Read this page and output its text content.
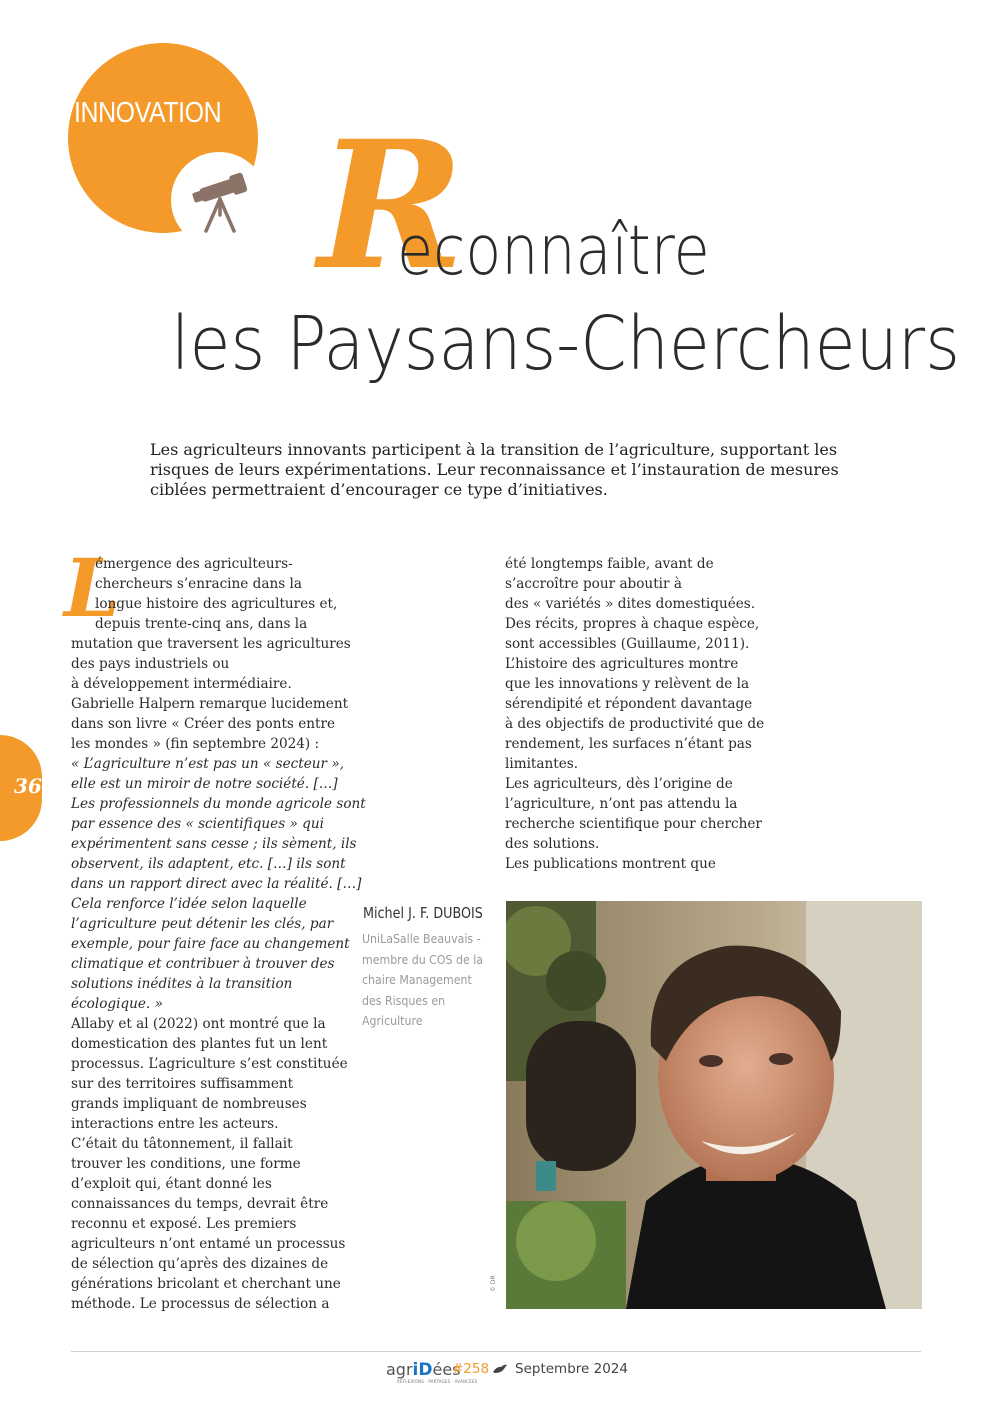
INNOVATION R
econnaître
les Paysans-Chercheurs
Les agriculteurs innovants participent à la transition de l’agriculture, supportant les risques de leurs expérimentations. Leur reconnaissance et l’instauration de mesures ciblées permettraient d’encourager ce type d’initiatives.
36
L
émergence des agriculteurs-
chercheurs s’enracine dans la
longue histoire des agricultures et,
depuis trente-cinq ans, dans la
mutation que traversent les agricultures
des pays industriels ou
à développement intermédiaire.
Gabrielle Halpern remarque lucidement
dans son livre « Créer des ponts entre
les mondes » (fin septembre 2024) :
« L’agriculture n’est pas un « secteur »,
elle est un miroir de notre société. […]
Les professionnels du monde agricole sont
par essence des « scientifiques » qui
expérimentent sans cesse ; ils sèment, ils
observent, ils adaptent, etc. […] ils sont
dans un rapport direct avec la réalité. […]
Cela renforce l’idée selon laquelle
l’agriculture peut détenir les clés, par
exemple, pour faire face au changement
climatique et contribuer à trouver des
solutions inédites à la transition
écologique. »
Allaby et al (2022) ont montré que la
domestication des plantes fut un lent
processus. L’agriculture s’est constituée
sur des territoires suffisamment
grands impliquant de nombreuses
interactions entre les acteurs.
C’était du tâtonnement, il fallait
trouver les conditions, une forme
d’exploit qui, étant donné les
connaissances du temps, devrait être
reconnu et exposé. Les premiers
agriculteurs n’ont entamé un processus
de sélection qu’après des dizaines de
générations bricolant et cherchant une
méthode. Le processus de sélection a
été longtemps faible, avant de
s’accroître pour aboutir à
des « variétés » dites domestiquées.
Des récits, propres à chaque espèce,
sont accessibles (Guillaume, 2011).
L’histoire des agricultures montre
que les innovations y relèvent de la
sérendipité et répondent davantage
à des objectifs de productivité que de
rendement, les surfaces n’étant pas
limitantes.
Les agriculteurs, dès l’origine de
l’agriculture, n’ont pas attendu la
recherche scientifique pour chercher
des solutions.
Les publications montrent que
Michel J. F. DUBOIS
UniLaSalle Beauvais -
membre du COS de la
chaire Management
des Risques en
Agriculture
© DR
agriDées
RÉFLEXIONS · PARTAGES · AVANCÉES
#258 Septembre 2024
